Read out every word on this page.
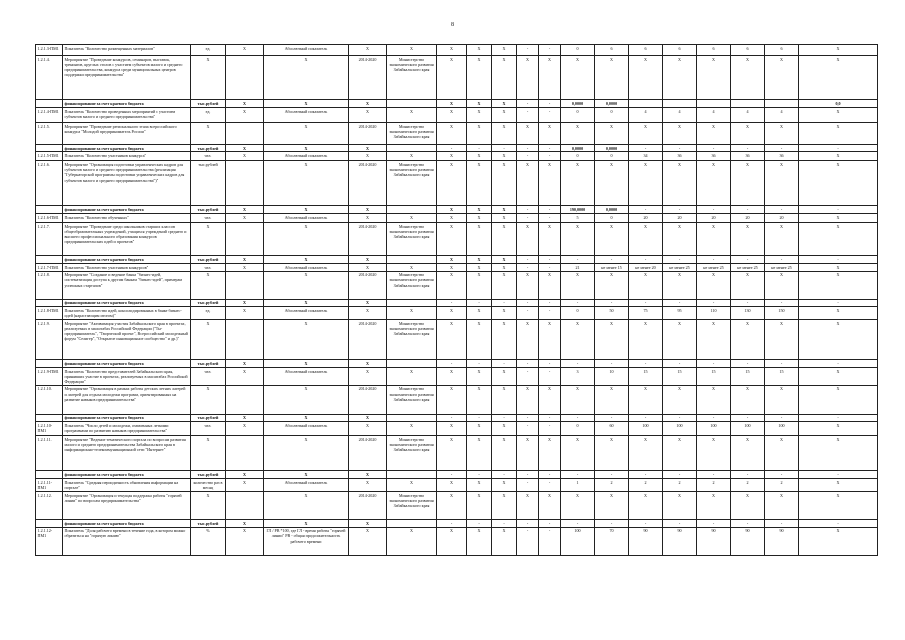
8
1.2.1.3-ПМ1	Показатель "Количество размещенных материалов"	ед.	X	Абсолютный показатель	X	X	X	X	X	-	-	0	6	6	6	6	6	6	X
1.2.1.4.	Мероприятие "Проведение конкурсов, семинаров, выставок, тренингов, круглых столов с участием субъектов малого и среднего предпринимательства, конкурса среди муниципальных центров поддержки предпринимательства"	X		X	2014-2020	Министерство экономического развития Забайкальского края	X	X	X	X	X	X	X	X	X	X	X	X	X
	финансирование за счет краевого бюджета	тыс.рублей	X	X	X		X	X	X	-	-	0,0000	0,0000						0,0
1.2.1.4-ПМ1	Показатель "Количество проведенных мероприятий с участием субъектов малого и среднего предпринимательства"	ед.	X	Абсолютный показатель	X	X	X	X	X	-	-	0	0	4	4	4	4	4	X
1.2.1.5.	Мероприятие "Проведение регионального этапа всероссийского конкурса "Молодой предприниматель России"	X		X	2014-2020	Министерство экономического развития Забайкальского края	X	X	X	X	X	X	X	X	X	X	X	X	X
	финансирование за счет краевого бюджета	тыс.рублей	X	X	X		-	-	-	-	-	0,0000	0,0000	-	-	-	-	-	-
1.2.1.5-ПМ1	Показатель "Количество участников конкурса"	чел.	X	Абсолютный показатель	X	X	X	X	X	-	-	0	0	34	36	36	36	36	X
1.2.1.6.	Мероприятие "Организация подготовки управленческих кадров для субъектов малого и среднего предпринимательства (реализация "Губернаторской программы подготовки управленческих кадров для субъектов малого и среднего предпринимательства")"	тыс.рублей		X	2014-2020	Министерство экономического развития Забайкальского края	X	X	X	X	X	X	X	X	X	X	X	X	X
	финансирование за счет краевого бюджета	тыс.рублей	X	X	X		X	X	X	-	-	190,0000	0,0000	-	-	-	-	-	-
1.2.1.6-ПМ1	Показатель "Количество обученных"	чел.	X	Абсолютный показатель	X	X	X	X	X	-	-	5	0	20	20	20	20	20	X
1.2.1.7.	Мероприятие "Проведение среди школьников старших классов общеобразовательных учреждений, учащихся учреждений среднего и высшего профессионального образования конкурсов предпринимательских идей и проектов"	X		X	2014-2020	Министерство экономического развития Забайкальского края	X	X	X	X	X	X	X	X	X	X	X	X	X
	финансирование за счет краевого бюджета	тыс.рублей	X	X	X		X	X	X	-	-	-	-	-	-	-	-	-	-
1.2.1.7-ПМ1	Показатель "Количество участников конкурсов"	чел.	X	Абсолютный показатель	X	X	X	X	X	-	-	21	не менее 15	не менее 20	не менее 25	не менее 25	не менее 25	не менее 25	X
1.2.1.8.	Мероприятие "Создание и ведение банка "бизнес-идей, систематизация доступа к другим банкам "бизнес-идей", примерам успешных стартапов"	X		X	2014-2020	Министерство экономического развития Забайкальского края	X	X	X	X	X	X	X	X	X	X	X	X	X
	финансирование за счет краевого бюджета	тыс.рублей	X	X	X		-	-	-	-	-	-	-	-	-	-	-	-	-
1.2.1.8-ПМ1	Показатель "Количество идей, консолидированных в банке бизнес-идей (нарастающим итогом)"	ед.	X	Абсолютный показатель	X	X	X	X	X	-	-	0	50	75	95	110	130	150	X
1.2.1.9.	Мероприятие "Активизация участия Забайкальского края в проектах, реализуемых в масштабах Российской Федерации ("Ты-предприниматель", "Творческий проект", Всероссийский молодежный форум "Селигер", "Открытое инновационное сообщество" и др.)"	X		X	2014-2020	Министерство экономического развития Забайкальского края	X	X	X	X	X	X	X	X	X	X	X	X	X
	финансирование за счет краевого бюджета	тыс.рублей	X	X	X		-	-	-	-	-	-	-	-	-	-	-	-	-
1.2.1.9-ПМ1	Показатель "Количество представителей Забайкальского края, принявших участие в проектах, реализуемых в масштабах Российской Федерации"	чел.	X	Абсолютный показатель	X	X	X	X	X	-	-	3	10	15	15	15	15	15	X
1.2.1.10.	Мероприятие "Организация в рамках работы детских летних лагерей и лагерей для отдыха молодежи программ, ориентированных на развитие навыков предпринимательства"	X		X	2014-2020	Министерство экономического развития Забайкальского края	X	X	X	X	X	X	X	X	X	X	X	X	X
	финансирование за счет краевого бюджета	тыс.рублей	X	X	X		-	-	-	-	-	-	-	-	-	-	-	-	-
1.2.1.10-ПМ1	Показатель "Число детей и молодежи, охваченных летними программами по развитию навыков предпринимательства"	чел.	X	Абсолютный показатель	X	X	X	X	X	-	-	0	60	100	100	100	100	100	X
1.2.1.11.	Мероприятие "Ведение тематического портала по вопросам развития малого и среднего предпринимательства Забайкальского края в информационно-телекоммуникационной сети "Интернет"	X		X	2014-2020	Министерство экономического развития Забайкальского края	X	X	X	X	X	X	X	X	X	X	X	X	X
	финансирование за счет краевого бюджета	тыс.рублей	X	X	X		-	-	-	-	-	-	-	-	-	-	-	-	-
1.2.1.11-ПМ1	Показатель "Средняя периодичность обновления информации на портале"	количество раз в месяц	X	Абсолютный показатель	X	X	X	X	X	-	-	1	2	2	2	2	2	2	X
1.2.1.12.	Мероприятие "Организация и текущая поддержка работы "горячей линии" по вопросам предпринимательства"	X		X	2014-2020	Министерство экономического развития Забайкальского края	X	X	X	X	X	X	X	X	X	X	X	X	X
	финансирование за счет краевого бюджета	тыс.рублей	X	X	X		-	-	-	-	-	-	-	-	-	-	-	-	-
1.2.1.12-ПМ1	Показатель "Доля рабочего времени в течение года, в котором можно обратиться на "горячую линию"	%	X	ГЛ / РВ *100, где ГЛ - время работы "горячей линии" РВ - общая продолжительность рабочего времени	X	X	X	X	X	-	-	100	70	90	90	90	90	90	X
